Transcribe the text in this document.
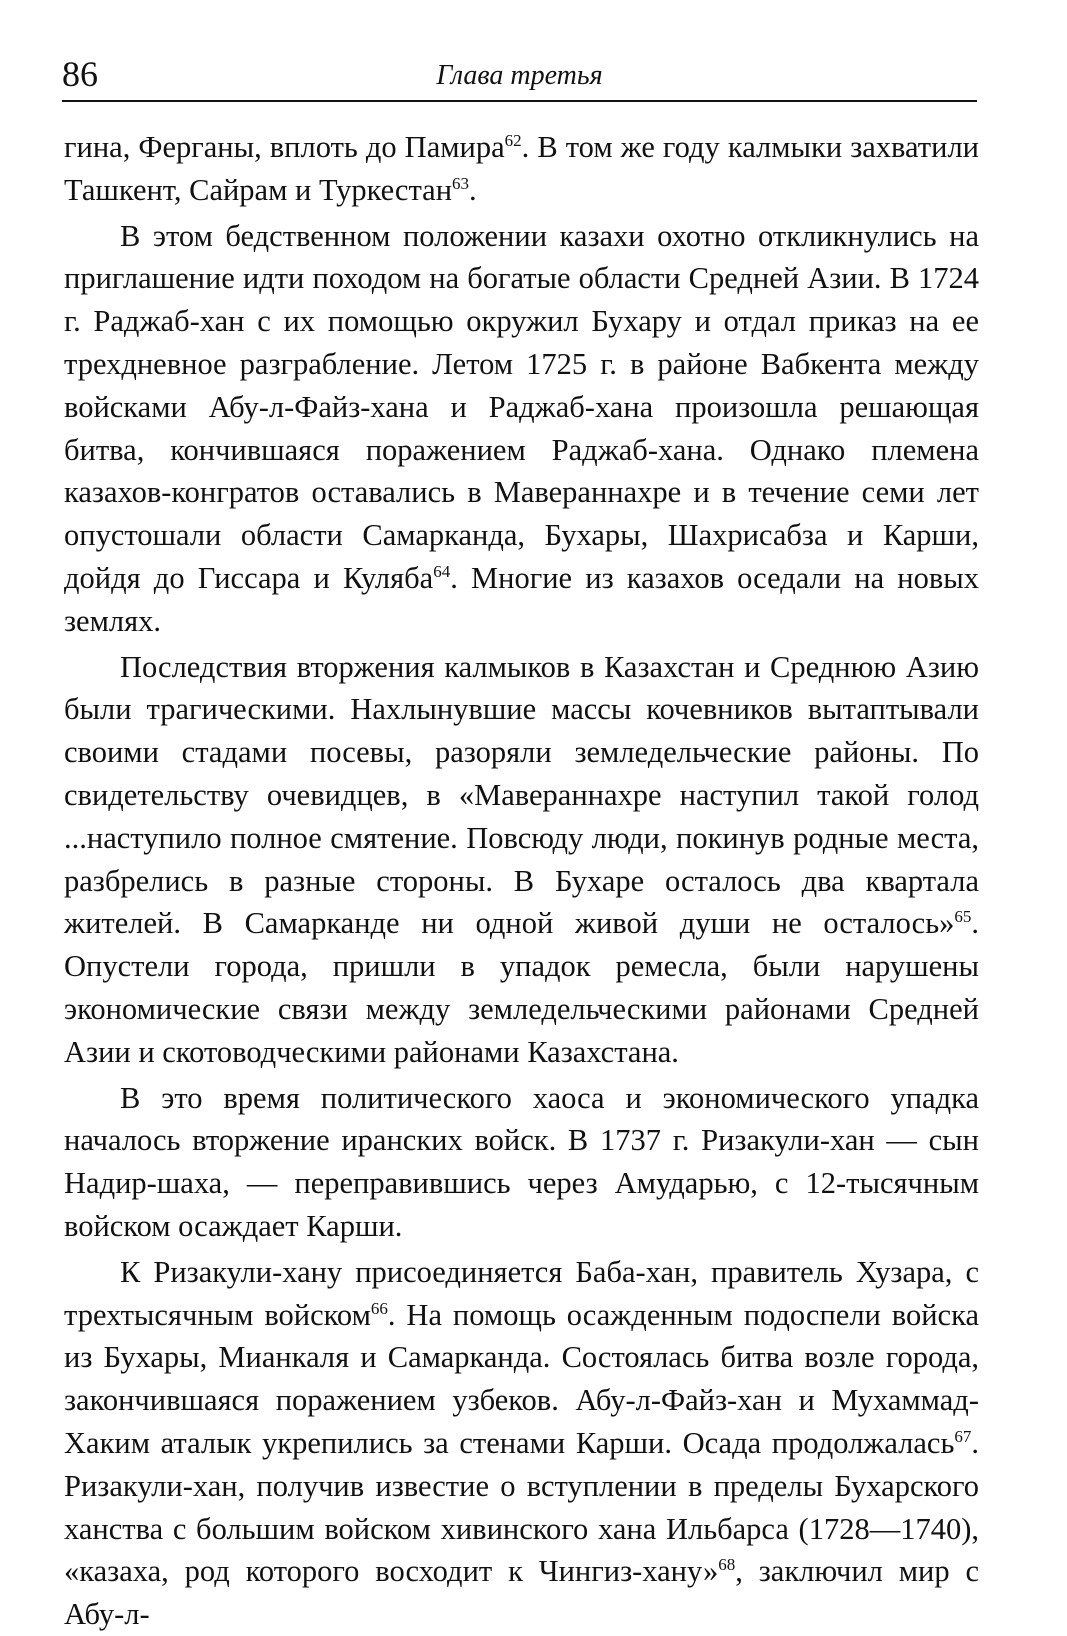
86	Глава третья

гина, Ферганы, вплоть до Памира$^{62}$. В том же году калмыки захватили Ташкент, Сайрам и Туркестан$^{63}$.

В этом бедственном положении казахи охотно откликнулись на приглашение идти походом на богатые области Средней Азии. В 1724 г. Раджаб-хан с их помощью окружил Бухару и отдал приказ на ее трехдневное разграбление. Летом 1725 г. в районе Вабкента между войсками Абу-л-Файз-хана и Раджаб-хана произошла решающая битва, кончившаяся поражением Раджаб-хана. Однако племена казахов-конгратов оставались в Мавераннахре и в течение семи лет опустошали области Самарканда, Бухары, Шахрисабза и Карши, дойдя до Гиссара и Куляба$^{64}$. Многие из казахов оседали на новых землях.

Последствия вторжения калмыков в Казахстан и Среднюю Азию были трагическими. Нахлынувшие массы кочевников вытаптывали своими стадами посевы, разоряли земледельческие районы. По свидетельству очевидцев, в «Мавераннахре наступил такой голод ...наступило полное смятение. Повсюду люди, покинув родные места, разбрелись в разные стороны. В Бухаре осталось два квартала жителей. В Самарканде ни одной живой души не осталось»$^{65}$. Опустели города, пришли в упадок ремесла, были нарушены экономические связи между земледельческими районами Средней Азии и скотоводческими районами Казахстана.

В это время политического хаоса и экономического упадка началось вторжение иранских войск. В 1737 г. Ризакули-хан — сын Надир-шаха, — переправившись через Амударью, с 12-тысячным войском осаждает Карши.

К Ризакули-хану присоединяется Баба-хан, правитель Хузара, с трехтысячным войском$^{66}$. На помощь осажденным подоспели войска из Бухары, Мианкаля и Самарканда. Состоялась битва возле города, закончившаяся поражением узбеков. Абу-л-Файз-хан и Мухаммад-Хаким аталык укрепились за стенами Карши. Осада продолжалась$^{67}$. Ризакули-хан, получив известие о вступлении в пределы Бухарского ханства с большим войском хивинского хана Ильбарса (1728—1740), «казаха, род которого восходит к Чингиз-хану»$^{68}$, заключил мир с Абу-л-
